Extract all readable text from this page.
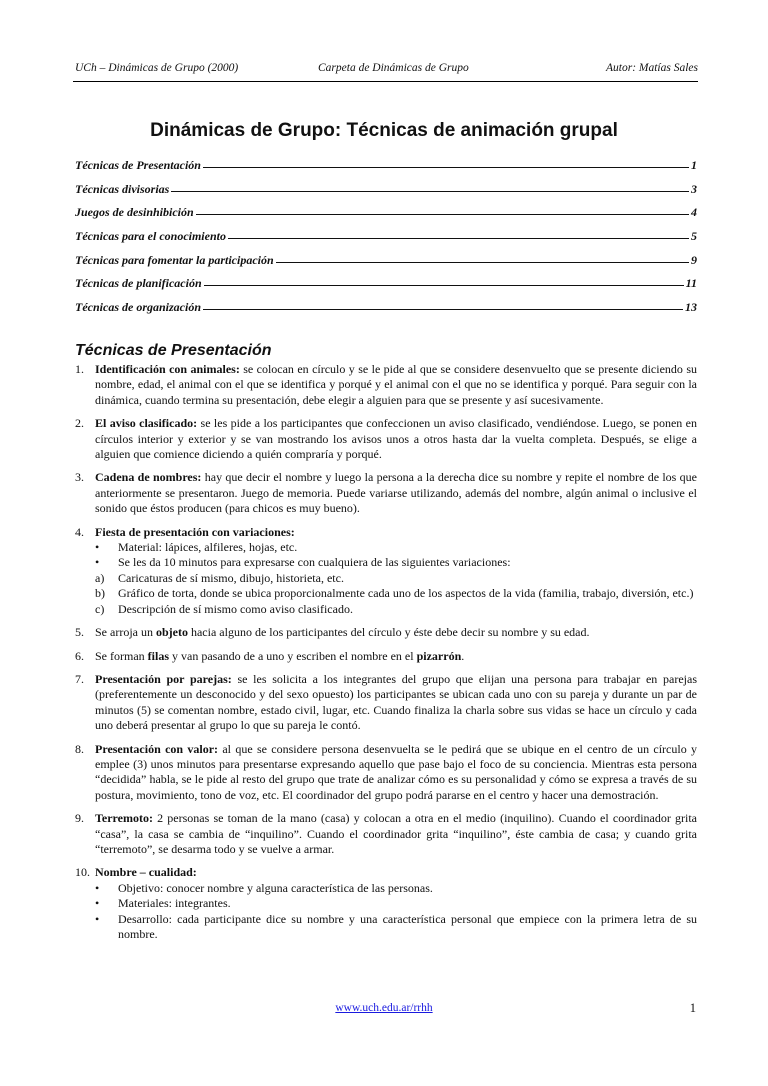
UCh – Dinámicas de Grupo (2000)	Carpeta de Dinámicas de Grupo	Autor: Matías Sales
Dinámicas de Grupo: Técnicas de animación grupal
Técnicas de Presentación	1
Técnicas divisorias	3
Juegos de desinhibición	4
Técnicas para el conocimiento	5
Técnicas para fomentar la participación	9
Técnicas de planificación	11
Técnicas de organización	13
Técnicas de Presentación
1. Identificación con animales: se colocan en círculo y se le pide al que se considere desenvuelto que se presente diciendo su nombre, edad, el animal con el que se identifica y porqué y el animal con el que no se identifica y porqué. Para seguir con la dinámica, cuando termina su presentación, debe elegir a alguien para que se presente y así sucesivamente.
2. El aviso clasificado: se les pide a los participantes que confeccionen un aviso clasificado, vendiéndose. Luego, se ponen en círculos interior y exterior y se van mostrando los avisos unos a otros hasta dar la vuelta completa. Después, se elige a alguien que comience diciendo a quién compraría y porqué.
3. Cadena de nombres: hay que decir el nombre y luego la persona a la derecha dice su nombre y repite el nombre de los que anteriormente se presentaron. Juego de memoria. Puede variarse utilizando, además del nombre, algún animal o inclusive el sonido que éstos producen (para chicos es muy bueno).
4. Fiesta de presentación con variaciones:
•	Material: lápices, alfileres, hojas, etc.
•	Se les da 10 minutos para expresarse con cualquiera de las siguientes variaciones:
a)	Caricaturas de sí mismo, dibujo, historieta, etc.
b)	Gráfico de torta, donde se ubica proporcionalmente cada uno de los aspectos de la vida (familia, trabajo, diversión, etc.)
c)	Descripción de sí mismo como aviso clasificado.
5. Se arroja un objeto hacia alguno de los participantes del círculo y éste debe decir su nombre y su edad.
6. Se forman filas y van pasando de a uno y escriben el nombre en el pizarrón.
7. Presentación por parejas: se les solicita a los integrantes del grupo que elijan una persona para trabajar en parejas (preferentemente un desconocido y del sexo opuesto) los participantes se ubican cada uno con su pareja y durante un par de minutos (5) se comentan nombre, estado civil, lugar, etc. Cuando finaliza la charla sobre sus vidas se hace un círculo y cada uno deberá presentar al grupo lo que su pareja le contó.
8. Presentación con valor: al que se considere persona desenvuelta se le pedirá que se ubique en el centro de un círculo y emplee (3) unos minutos para presentarse expresando aquello que pase bajo el foco de su conciencia. Mientras esta persona “decidida” habla, se le pide al resto del grupo que trate de analizar cómo es su personalidad y cómo se expresa a través de su postura, movimiento, tono de voz, etc. El coordinador del grupo podrá pararse en el centro y hacer una demostración.
9. Terremoto: 2 personas se toman de la mano (casa) y colocan a otra en el medio (inquilino). Cuando el coordinador grita “casa”, la casa se cambia de “inquilino”. Cuando el coordinador grita “inquilino”, éste cambia de casa; y cuando grita “terremoto”, se desarma todo y se vuelve a armar.
10. Nombre – cualidad:
•	Objetivo: conocer nombre y alguna característica de las personas.
•	Materiales: integrantes.
•	Desarrollo: cada participante dice su nombre y una característica personal que empiece con la primera letra de su nombre.
www.uch.edu.ar/rrhh	1
